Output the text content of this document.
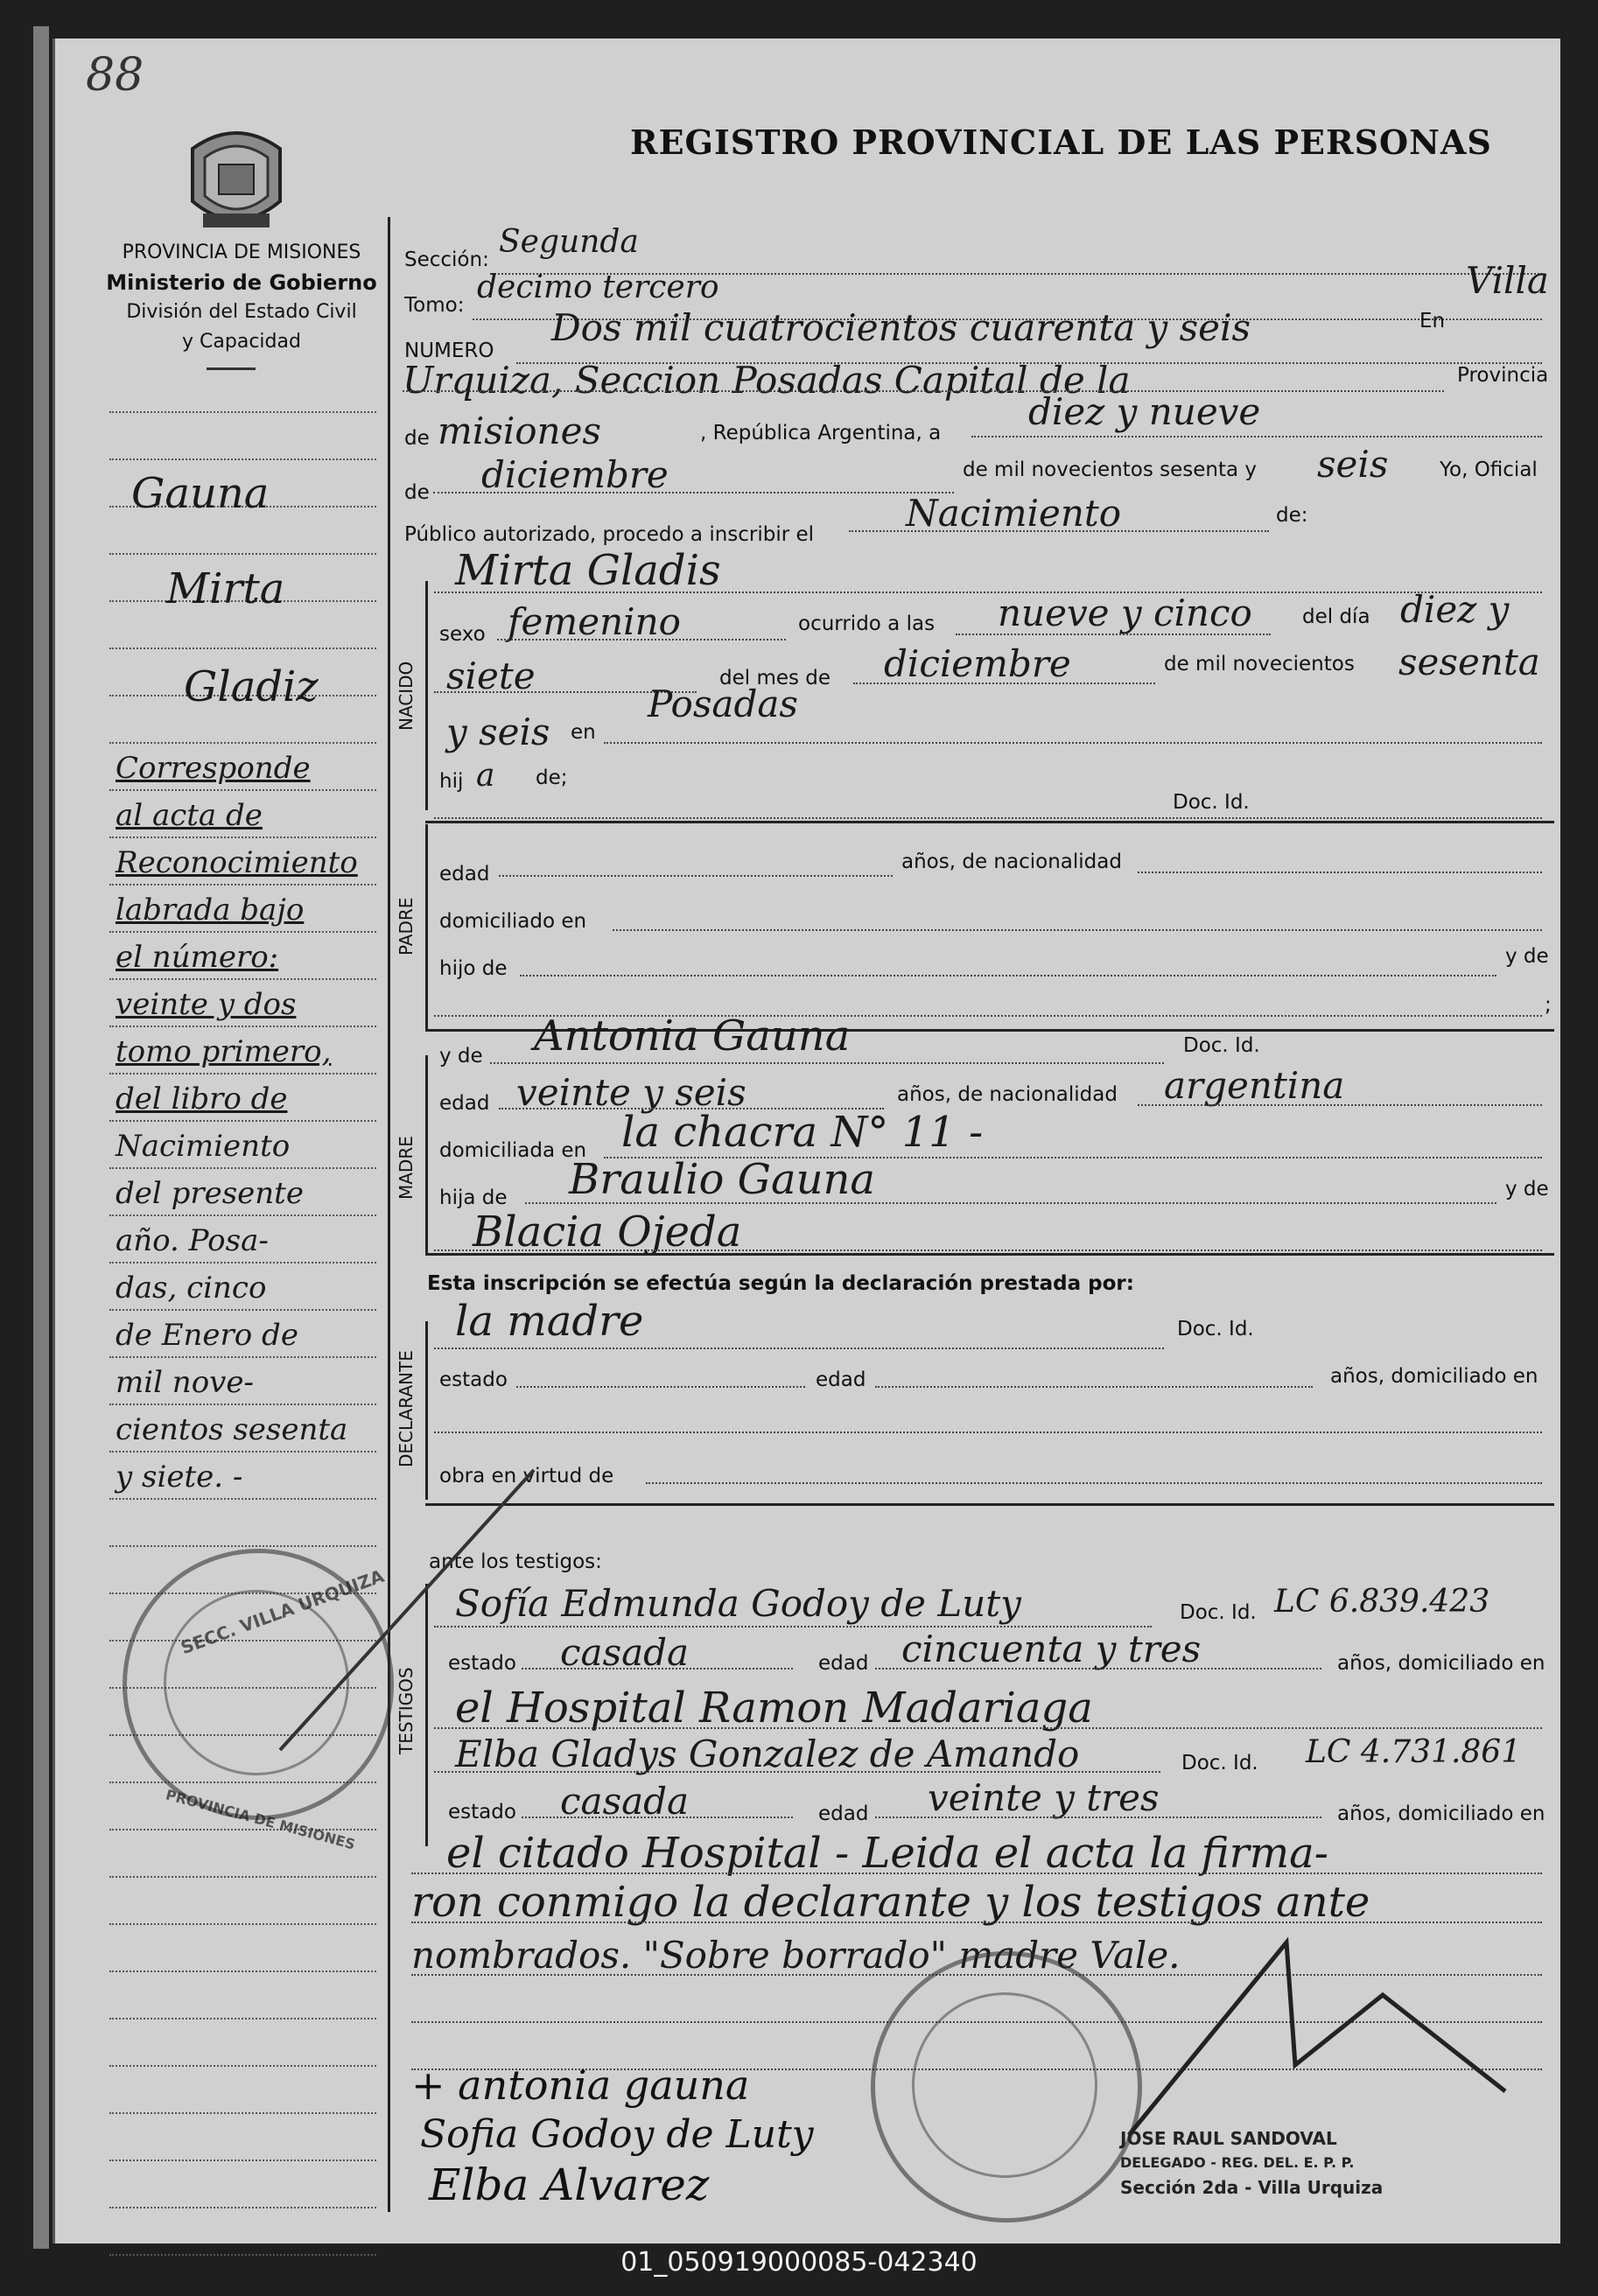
88
REGISTRO PROVINCIAL DE LAS PERSONAS
PROVINCIA DE MISIONES
Ministerio de Gobierno
División del Estado Civil
y Capacidad
Gauna
Mirta
Gladiz
Corresponde
al acta de
Reconocimiento
labrada bajo
el número:
veinte y dos
tomo primero,
del libro de
Nacimiento
del presente
año. Posa-
das, cinco
de Enero de
mil nove-
cientos sesenta
y siete. -
Sección: Segunda
Tomo: decimo tercero
NUMERO
Dos mil cuatrocientos cuarenta y seis	En
Villa
Urquiza, Seccion Posadas Capital de la	Provincia
de misiones	, República Argentina, a diez y nueve
de diciembre	de mil novecientos sesenta y seis	Yo, Oficial
Público autorizado, procedo a inscribir el Nacimiento	de:
NACIDO
Mirta Gladis
sexo femenino	ocurrido a las nueve y cinco del día diez y
siete	del mes de diciembre	de mil novecientos sesenta
y seis en
Posadas
hij a de;
Doc. Id.
PADRE
edad
años, de nacionalidad
domiciliado en
hijo de
y de
;
y de Antonia Gauna	Doc. Id.
MADRE
edad veinte y seis	años, de nacionalidad argentina
domiciliada en la chacra N° 11 -
hija de Braulio Gauna	y de
Blacia Ojeda
Esta inscripción se efectúa según la declaración prestada por:
DECLARANTE
la madre	Doc. Id.
estado	edad	años, domiciliado en
obra en virtud de
ante los testigos:
TESTIGOS
Sofía Edmunda Godoy de Luty	Doc. Id. LC 6.839.423
estado casada	edad cincuenta y tres	años, domiciliado en
el Hospital Ramon Madariaga
Elba Gladys Gonzalez de Amando	Doc. Id. LC 4.731.861
estado casada	edad veinte y tres	años, domiciliado en
el citado Hospital - Leida el acta la firma-
ron conmigo la declarante y los testigos ante
nombrados. "Sobre borrado" madre Vale.
+ antonia gauna
Sofia Godoy de Luty
Elba Alvarez
JOSE RAUL SANDOVAL
DELEGADO - REG. DEL. E. P. P.
Sección 2da - Villa Urquiza
SECC. VILLA URQUIZA
PROVINCIA DE MISIONES
01_050919000085-042340
